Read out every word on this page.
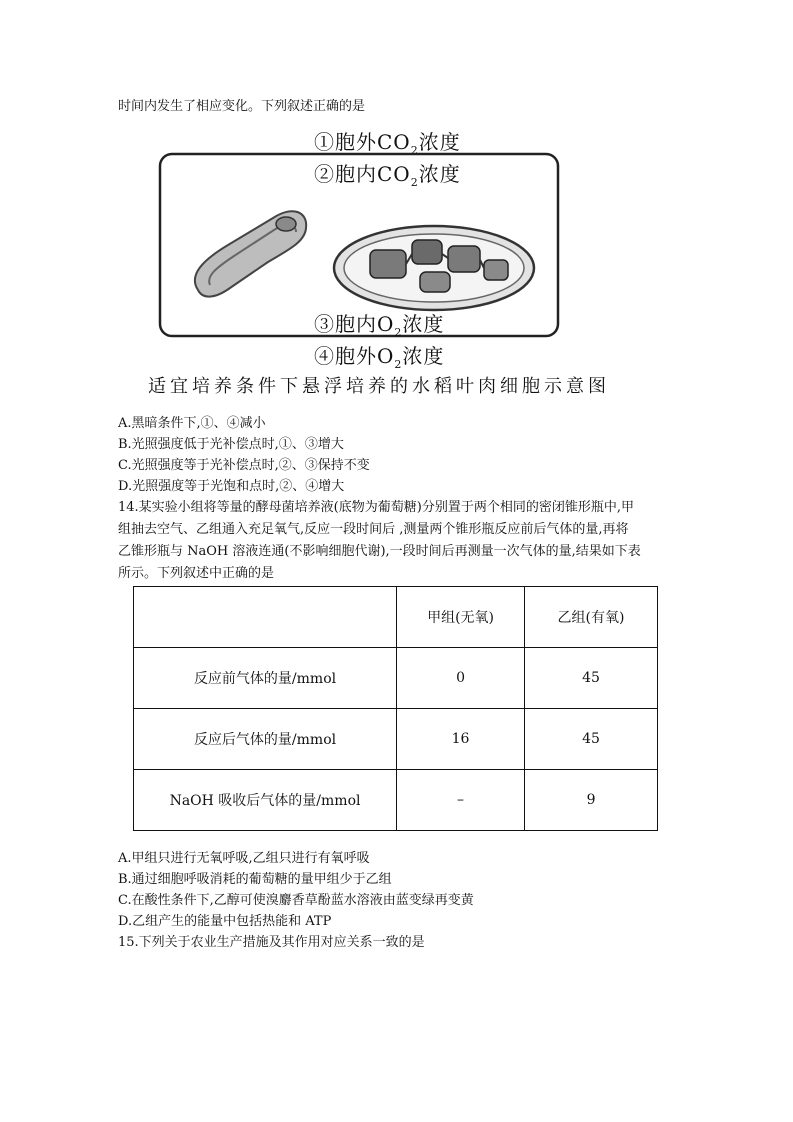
时间内发生了相应变化。下列叙述正确的是
①胞外$CO_2$浓度
②胞内$CO_2$浓度
③胞内$O_2$浓度
④胞外$O_2$浓度
适宜培养条件下悬浮培养的水稻叶肉细胞示意图
A.黑暗条件下,①、④减小
B.光照强度低于光补偿点时,①、③增大
C.光照强度等于光补偿点时,②、③保持不变
D.光照强度等于光饱和点时,②、④增大
14.某实验小组将等量的酵母菌培养液(底物为葡萄糖)分别置于两个相同的密闭锥形瓶中,甲
组抽去空气、乙组通入充足氧气,反应一段时间后 ,测量两个锥形瓶反应前后气体的量,再将
乙锥形瓶与 NaOH 溶液连通(不影响细胞代谢),一段时间后再测量一次气体的量,结果如下表
所示。下列叙述中正确的是
	甲组(无氧)	乙组(有氧)
反应前气体的量/mmol	0	45
反应后气体的量/mmol	16	45
NaOH 吸收后气体的量/mmol	–	9
A.甲组只进行无氧呼吸,乙组只进行有氧呼吸
B.通过细胞呼吸消耗的葡萄糖的量甲组少于乙组
C.在酸性条件下,乙醇可使溴麝香草酚蓝水溶液由蓝变绿再变黄
D.乙组产生的能量中包括热能和 ATP
15.下列关于农业生产措施及其作用对应关系一致的是
